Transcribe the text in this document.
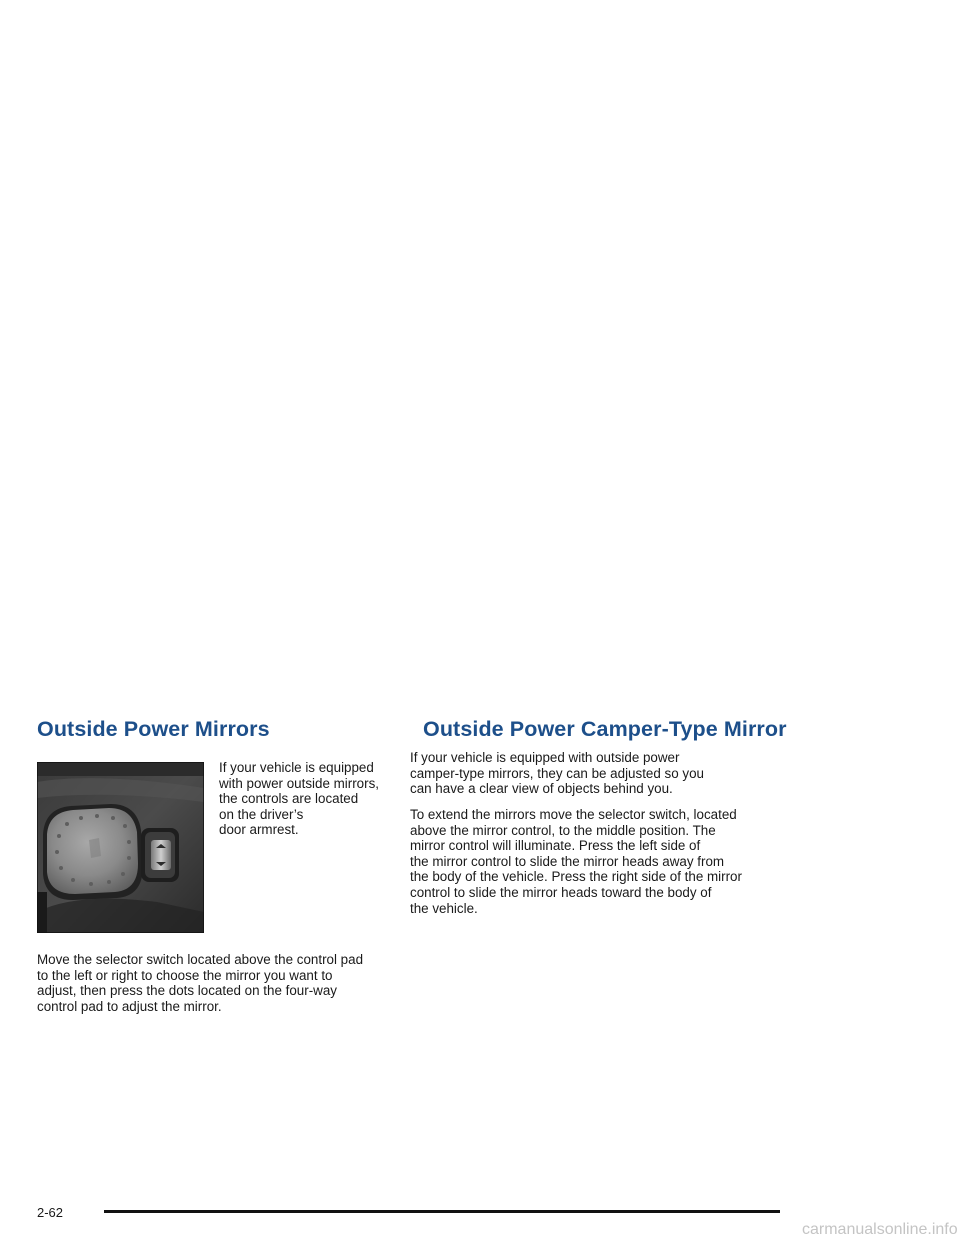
Outside Power Mirrors

If your vehicle is equipped
with power outside mirrors,
the controls are located
on the driver’s
door armrest.

Move the selector switch located above the control pad
to the left or right to choose the mirror you want to
adjust, then press the dots located on the four-way
control pad to adjust the mirror.

Outside Power Camper-Type Mirror

If your vehicle is equipped with outside power
camper-type mirrors, they can be adjusted so you
can have a clear view of objects behind you.

To extend the mirrors move the selector switch, located
above the mirror control, to the middle position. The
mirror control will illuminate. Press the left side of
the mirror control to slide the mirror heads away from
the body of the vehicle. Press the right side of the mirror
control to slide the mirror heads toward the body of
the vehicle.

2-62
carmanualsonline.info
